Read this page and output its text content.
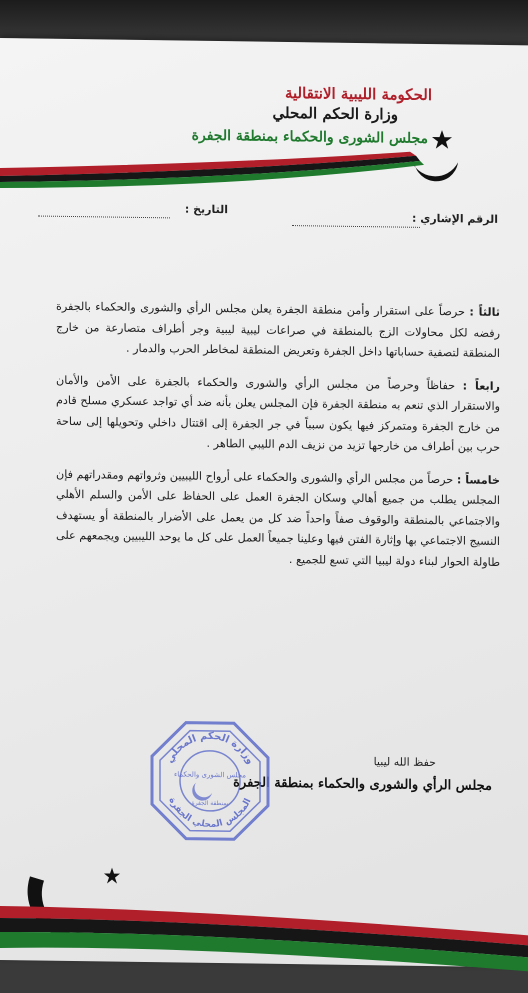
الحكومة الليبية الانتقالية
وزارة الحكم المحلي
مجلس الشورى والحكماء بمنطقة الجفرة
الرقم الإشاري :
التاريخ :

ثالثاً : حرصاً على استقرار وأمن منطقة الجفرة يعلن مجلس الرأي والشورى والحكماء بالجفرة رفضه لكل محاولات الزج بالمنطقة في صراعات ليبية ليبية وجر أطراف متصارعة من خارج المنطقة لتصفية حساباتها داخل الجفرة وتعريض المنطقة لمخاطر الحرب والدمار .

رابعاً : حفاظاً وحرصاً من مجلس الرأي والشورى والحكماء بالجفرة على الأمن والأمان والاستقرار الذي تنعم به منطقة الجفرة فإن المجلس يعلن بأنه ضد أي تواجد عسكري مسلح قادم من خارج الجفرة ومتمركز فيها يكون سبباً في جر الجفرة إلى اقتتال داخلي وتحويلها إلى ساحة حرب بين أطراف من خارجها تزيد من نزيف الدم الليبي الطاهر .

خامساً : حرصاً من مجلس الرأي والشورى والحكماء على أرواح الليبيين وثرواتهم ومقدراتهم فإن المجلس يطلب من جميع أهالي وسكان الجفرة العمل على الحفاظ على الأمن والسلم الأهلي والاجتماعي بالمنطقة والوقوف صفاً واحداً ضد كل من يعمل على الأضرار بالمنطقة أو يستهدف النسيج الاجتماعي بها وإثارة الفتن فيها وعلينا جميعاً العمل على كل ما يوحد الليبيين ويجمعهم على طاولة الحوار لبناء دولة ليبيا التي تسع للجميع .

حفظ الله ليبيا
مجلس الرأي والشورى والحكماء بمنطقة الجفرة
وزارة الحكم المحلي
المجلس المحلي الجفرة
مجلس الشورى والحكماء
بمنطقة الجفرة
